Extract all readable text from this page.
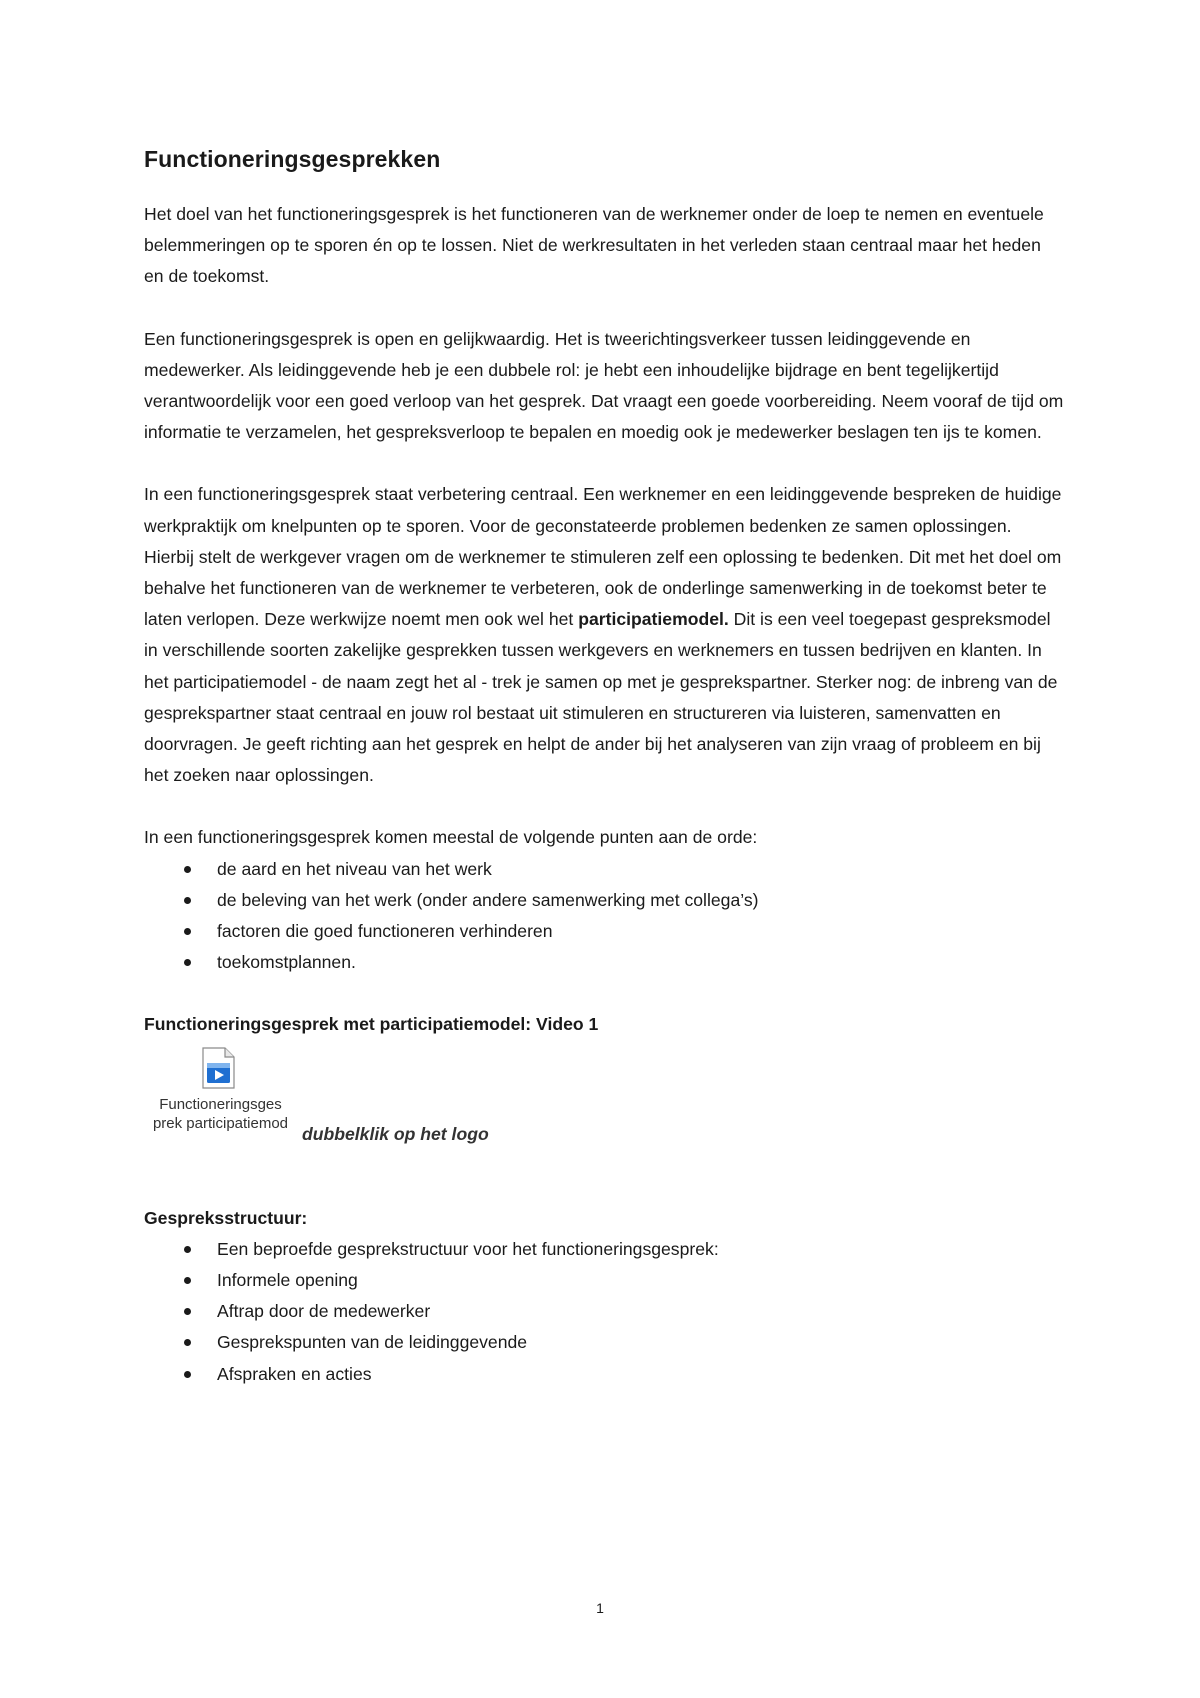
Functioneringsgesprekken

Het doel van het functioneringsgesprek is het functioneren van de werknemer onder de loep te nemen en eventuele belemmeringen op te sporen én op te lossen. Niet de werkresultaten in het verleden staan centraal maar het heden en de toekomst.

Een functioneringsgesprek is open en gelijkwaardig. Het is tweerichtingsverkeer tussen leidinggevende en medewerker. Als leidinggevende heb je een dubbele rol: je hebt een inhoudelijke bijdrage en bent tegelijkertijd verantwoordelijk voor een goed verloop van het gesprek. Dat vraagt een goede voorbereiding. Neem vooraf de tijd om informatie te verzamelen, het gespreksverloop te bepalen en moedig ook je medewerker beslagen ten ijs te komen.

In een functioneringsgesprek staat verbetering centraal. Een werknemer en een leidinggevende bespreken de huidige werkpraktijk om knelpunten op te sporen. Voor de geconstateerde problemen bedenken ze samen oplossingen. Hierbij stelt de werkgever vragen om de werknemer te stimuleren zelf een oplossing te bedenken. Dit met het doel om behalve het functioneren van de werknemer te verbeteren, ook de onderlinge samenwerking in de toekomst beter te laten verlopen. Deze werkwijze noemt men ook wel het participatiemodel. Dit is een veel toegepast gespreksmodel in verschillende soorten zakelijke gesprekken tussen werkgevers en werknemers en tussen bedrijven en klanten. In het participatiemodel - de naam zegt het al - trek je samen op met je gesprekspartner. Sterker nog: de inbreng van de gesprekspartner staat centraal en jouw rol bestaat uit stimuleren en structureren via luisteren, samenvatten en doorvragen. Je geeft richting aan het gesprek en helpt de ander bij het analyseren van zijn vraag of probleem en bij het zoeken naar oplossingen.

In een functioneringsgesprek komen meestal de volgende punten aan de orde:

de aard en het niveau van het werk
de beleving van het werk (onder andere samenwerking met collega’s)
factoren die goed functioneren verhinderen
toekomstplannen.

Functioneringsgesprek met participatiemodel: Video 1

Functioneringsges
prek participatiemod
dubbelklik op het logo

Gespreksstructuur:

Een beproefde gesprekstructuur voor het functioneringsgesprek:
Informele opening
Aftrap door de medewerker
Gesprekspunten van de leidinggevende
Afspraken en acties
1
